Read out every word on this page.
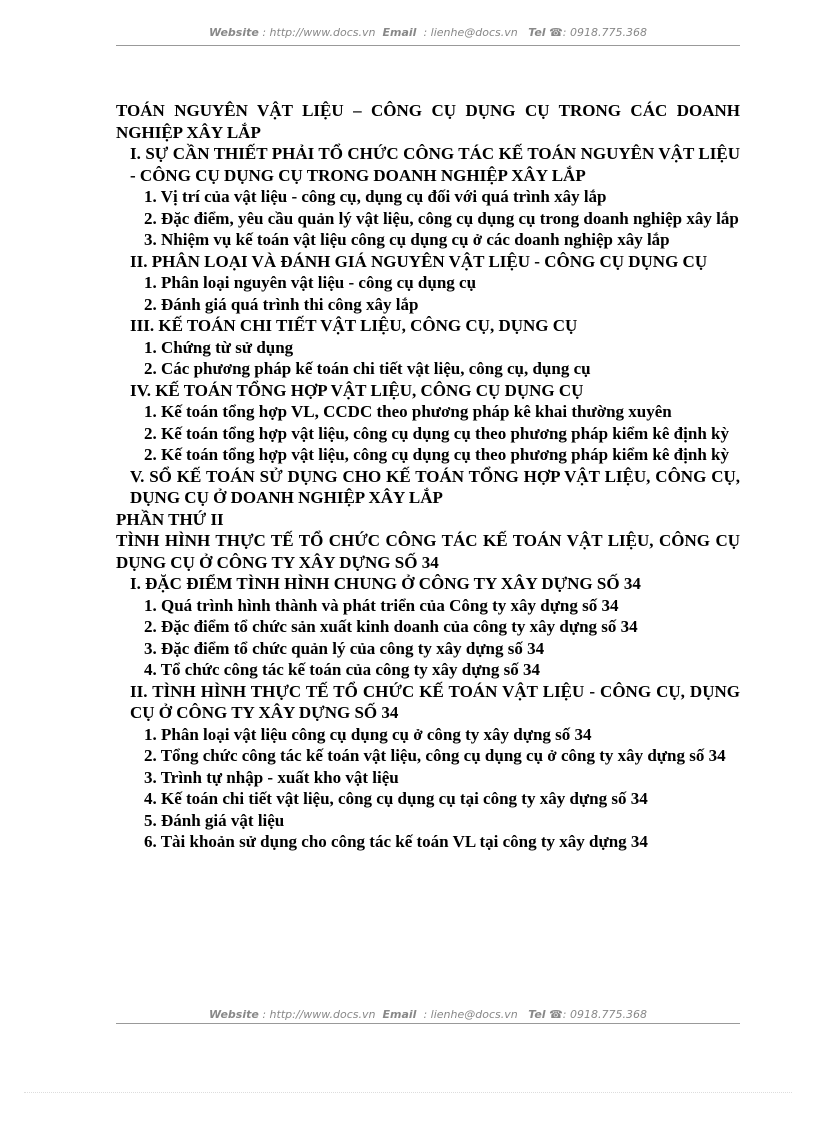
Website : http://www.docs.vn Email : lienhe@docs.vn Tel ☎: 0918.775.368
TOÁN NGUYÊN VẬT LIỆU – CÔNG CỤ DỤNG CỤ TRONG CÁC DOANH NGHIỆP XÂY LẮP
I. SỰ CẦN THIẾT PHẢI TỔ CHỨC CÔNG TÁC KẾ TOÁN NGUYÊN VẬT LIỆU - CÔNG CỤ DỤNG CỤ TRONG DOANH NGHIỆP XÂY LẮP
1. Vị trí của vật liệu - công cụ, dụng cụ đối với quá trình xây lắp
2. Đặc điểm, yêu cầu quản lý vật liệu, công cụ dụng cụ trong doanh nghiệp xây lắp
3. Nhiệm vụ kế toán vật liệu công cụ dụng cụ ở các doanh nghiệp xây lắp
II. PHÂN LOẠI VÀ ĐÁNH GIÁ NGUYÊN VẬT LIỆU - CÔNG CỤ DỤNG CỤ
1. Phân loại nguyên vật liệu - công cụ dụng cụ
2. Đánh giá quá trình thi công xây lắp
III. KẾ TOÁN CHI TIẾT VẬT LIỆU, CÔNG CỤ, DỤNG CỤ
1. Chứng từ sử dụng
2. Các phương pháp kế toán chi tiết vật liệu, công cụ, dụng cụ
IV. KẾ TOÁN TỔNG HỢP VẬT LIỆU, CÔNG CỤ DỤNG CỤ
1. Kế toán tổng hợp VL, CCDC theo phương pháp kê khai thường xuyên
2. Kế toán tổng hợp vật liệu, công cụ dụng cụ theo phương pháp kiểm kê định kỳ
2. Kế toán tổng hợp vật liệu, công cụ dụng cụ theo phương pháp kiểm kê định kỳ
V. SỔ KẾ TOÁN SỬ DỤNG CHO KẾ TOÁN TỔNG HỢP VẬT LIỆU, CÔNG CỤ, DỤNG CỤ Ở DOANH NGHIỆP XÂY LẮP
PHẦN THỨ II
TÌNH HÌNH THỰC TẾ TỔ CHỨC CÔNG TÁC KẾ TOÁN VẬT LIỆU, CÔNG CỤ DỤNG CỤ Ở CÔNG TY XÂY DỰNG SỐ 34
I. ĐẶC ĐIỂM TÌNH HÌNH CHUNG Ở CÔNG TY XÂY DỰNG SỐ 34
1. Quá trình hình thành và phát triển của Công ty xây dựng số 34
2. Đặc điểm tổ chức sản xuất kinh doanh của công ty xây dựng số 34
3. Đặc điểm tổ chức quản lý của công ty xây dựng số 34
4. Tổ chức công tác kế toán của công ty xây dựng số 34
II. TÌNH HÌNH THỰC TẾ TỔ CHỨC KẾ TOÁN VẬT LIỆU - CÔNG CỤ, DỤNG CỤ Ở CÔNG TY XÂY DỰNG SỐ 34
1. Phân loại vật liệu công cụ dụng cụ ở công ty xây dựng số 34
2. Tổng chức công tác kế toán vật liệu, công cụ dụng cụ ở công ty xây dựng số 34
3. Trình tự nhập - xuất kho vật liệu
4. Kế toán chi tiết vật liệu, công cụ dụng cụ tại công ty xây dựng số 34
5. Đánh giá vật liệu
6. Tài khoản sử dụng cho công tác kế toán VL tại công ty xây dựng 34
Website : http://www.docs.vn Email : lienhe@docs.vn Tel ☎: 0918.775.368
